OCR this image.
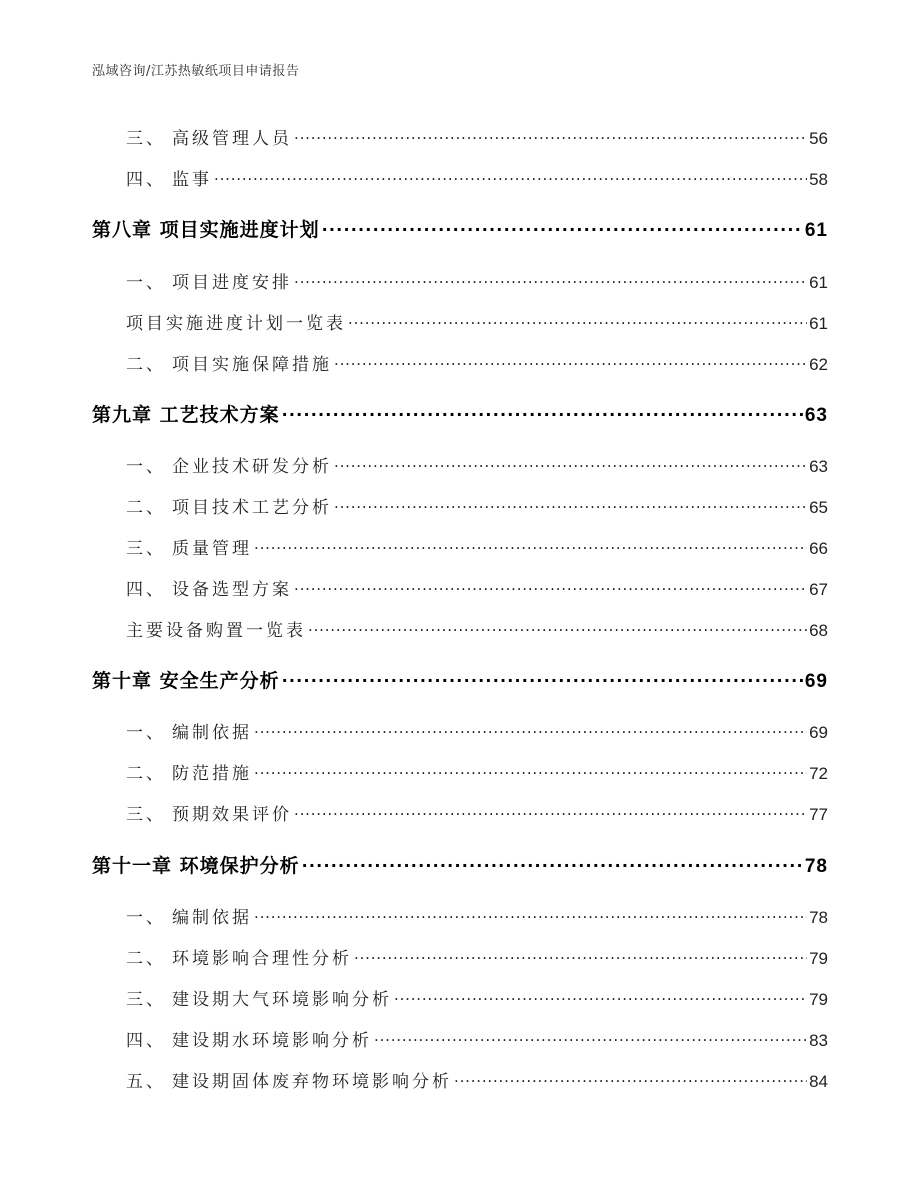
泓域咨询/江苏热敏纸项目申请报告
三、 高级管理人员 .....	56
四、 监事 .....	58
第八章 项目实施进度计划 .....	61
一、 项目进度安排 .....	61
项目实施进度计划一览表 .....	61
二、 项目实施保障措施 .....	62
第九章 工艺技术方案 .....	63
一、 企业技术研发分析 .....	63
二、 项目技术工艺分析 .....	65
三、 质量管理 .....	66
四、 设备选型方案 .....	67
主要设备购置一览表 .....	68
第十章 安全生产分析 .....	69
一、 编制依据 .....	69
二、 防范措施 .....	72
三、 预期效果评价 .....	77
第十一章 环境保护分析 .....	78
一、 编制依据 .....	78
二、 环境影响合理性分析 .....	79
三、 建设期大气环境影响分析 .....	79
四、 建设期水环境影响分析 .....	83
五、 建设期固体废弃物环境影响分析 .....	84
